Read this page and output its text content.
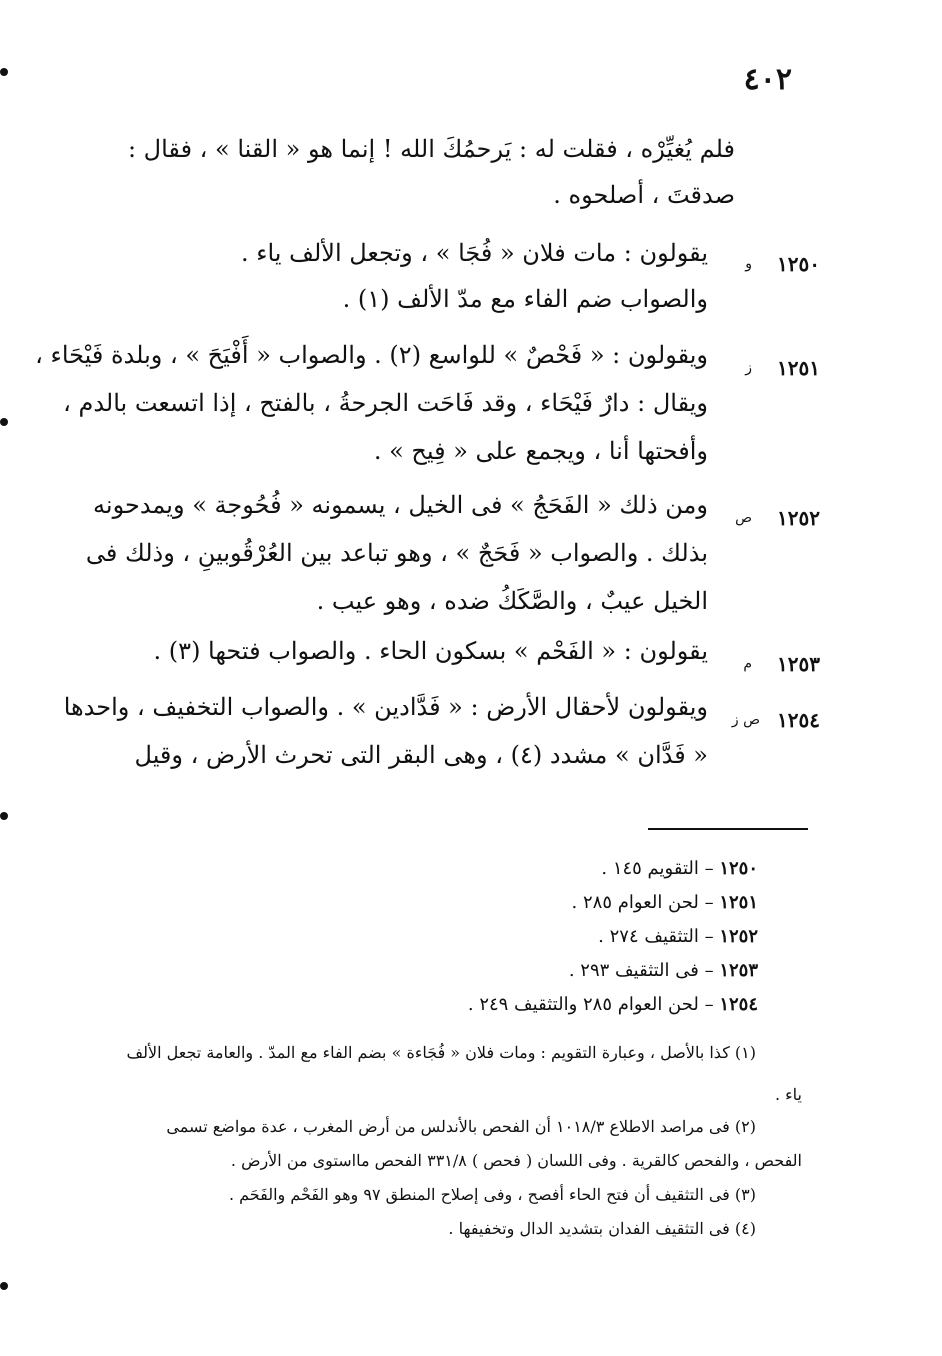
٤٠٢
فلم يُغيِّرْه ، فقلت له : يَرحمُكَ الله ! إنما هو « القنا » ، فقال :
صدقتَ ، أصلحوه .
١٢٥٠
و
يقولون : مات فلان « فُجَا » ، وتجعل الألف ياء .
والصواب ضم الفاء مع مدّ الألف (١) .
١٢٥١
ز
ويقولون : « فَحْصٌ » للواسع (٢) . والصواب « أَفْيَحَ » ، وبلدة فَيْحَاء ،
ويقال : دارٌ فَيْحَاء ، وقد فَاحَت الجرحةُ ، بالفتح ، إذا اتسعت بالدم ،
وأفحتها أنا ، ويجمع على « فِيح » .
١٢٥٢
ص
ومن ذلك « الفَحَجُ » فى الخيل ، يسمونه « فُحُوجة » ويمدحونه
بذلك . والصواب « فَحَجٌ » ، وهو تباعد بين العُرْقُوبينِ ، وذلك فى
الخيل عيبٌ ، والصَّكَكُ ضده ، وهو عيب .
١٢٥٣
م
يقولون : « الفَحْم » بسكون الحاء . والصواب فتحها (٣) .
١٢٥٤
ص ز
ويقولون لأحقال الأرض : « فَدَّادين » . والصواب التخفيف ، واحدها
« فَدَّان » مشدد (٤) ، وهى البقر التى تحرث الأرض ، وقيل
١٢٥٠ – التقويم ١٤٥ .
١٢٥١ – لحن العوام ٢٨٥ .
١٢٥٢ – التثقيف ٢٧٤ .
١٢٥٣ – فى التثقيف ٢٩٣ .
١٢٥٤ – لحن العوام ٢٨٥ والتثقيف ٢٤٩ .
(١) كذا بالأصل ، وعبارة التقويم : ومات فلان « فُجَاءة » بضم الفاء مع المدّ . والعامة تجعل الألف
ياء .
(٢) فى مراصد الاطلاع ١٠١٨/٣ أن الفحص بالأندلس من أرض المغرب ، عدة مواضع تسمى
الفحص ، والفحص كالقرية . وفى اللسان ( فحص ) ٣٣١/٨ الفحص مااستوى من الأرض .
(٣) فى التثقيف أن فتح الحاء أفصح ، وفى إصلاح المنطق ٩٧ وهو الفَحْم والفَحَم .
(٤) فى التثقيف الفدان بتشديد الدال وتخفيفها .
